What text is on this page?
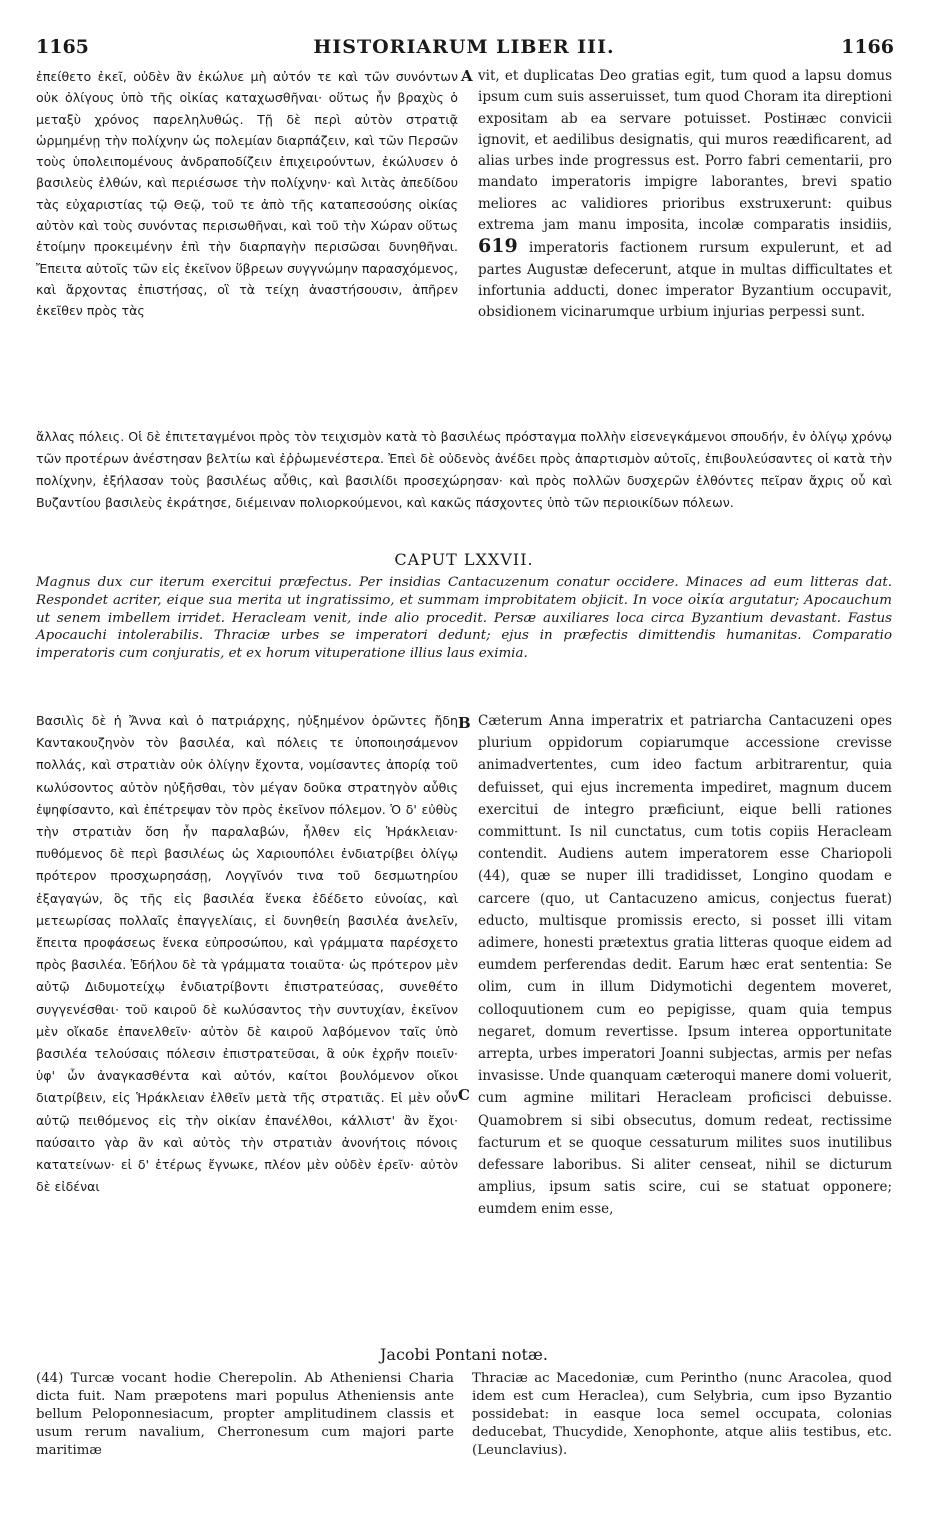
1165	HISTORIARUM LIBER III.	1166
A
ἐπείθετο ἐκεῖ, οὐδὲν ἂν ἐκώλυε μὴ αὐτόν τε καὶ τῶν συνόντων οὐκ ὀλίγους ὑπὸ τῆς οἰκίας καταχωσθῆναι· οὕτως ἦν βραχὺς ὁ μεταξὺ χρόνος παρεληλυθώς. Τῇ δὲ περὶ αὐτὸν στρατιᾷ ὡρμημένῃ τὴν πολίχνην ὡς πολεμίαν διαρπάζειν, καὶ τῶν Περσῶν τοὺς ὑπολειπομένους ἀνδραποδίζειν ἐπιχειρούντων, ἐκώλυσεν ὁ βασιλεὺς ἐλθών, καὶ περιέσωσε τὴν πολίχνην· καὶ λιτὰς ἀπεδίδου τὰς εὐχαριστίας τῷ Θεῷ, τοῦ τε ἀπὸ τῆς καταπεσούσης οἰκίας αὐτὸν καὶ τοὺς συνόντας περισωθῆναι, καὶ τοῦ τὴν Χώραν οὕτως ἑτοίμην προκειμένην ἐπὶ τὴν διαρπαγὴν περισῶσαι δυνηθῆναι. Ἔπειτα αὐτοῖς τῶν εἰς ἐκεῖνον ὕβρεων συγγνώμην παρασχόμενος, καὶ ἄρχοντας ἐπιστήσας, οἳ τὰ τείχη ἀναστήσουσιν, ἀπῆρεν ἐκεῖθεν πρὸς τὰς
vit, et duplicatas Deo gratias egit, tum quod a lapsu domus ipsum cum suis asseruisset, tum quod Choram ita direptioni expositam ab ea servare potuisset. Postiнæc convicii ignovit, et aedilibus designatis, qui muros reædificarent, ad alias urbes inde progressus est. Porro fabri cementarii, pro mandato imperatoris impigre laborantes, brevi spatio meliores ac validiores prioribus exstruxerunt: quibus extrema jam manu imposita, incolæ comparatis insidiis, 619 imperatoris factionem rursum expulerunt, et ad partes Augustæ defecerunt, atque in multas difficultates et infortunia adducti, donec imperator Byzantium occupavit, obsidionem vicinarumque urbium injurias perpessi sunt.
ἄλλας πόλεις. Οἱ δὲ ἐπιτεταγμένοι πρὸς τὸν τειχισμὸν κατὰ τὸ βασιλέως πρόσταγμα πολλὴν εἰσενεγκάμενοι σπουδήν, ἐν ὀλίγῳ χρόνῳ τῶν προτέρων ἀνέστησαν βελτίω καὶ ἐῤῥωμενέστερα. Ἐπεὶ δὲ οὐδενὸς ἀνέδει πρὸς ἀπαρτισμὸν αὐτοῖς, ἐπιβουλεύσαντες οἱ κατὰ τὴν πολίχνην, ἐξήλασαν τοὺς βασιλέως αὖθις, καὶ βασιλίδι προσεχώρησαν· καὶ πρὸς πολλῶν δυσχερῶν ἐλθόντες πεῖραν ἄχρις οὗ καὶ Βυζαντίου βασιλεὺς ἐκράτησε, διέμειναν πολιορκούμενοι, καὶ κακῶς πάσχοντες ὑπὸ τῶν περιοικίδων πόλεων.
CAPUT LXXVII.
Magnus dux cur iterum exercitui præfectus. Per insidias Cantacuzenum conatur occidere. Minaces ad eum litteras dat. Respondet acriter, eique sua merita ut ingratissimo, et summam improbitatem objicit. In voce οἰκία argutatur; Apocauchum ut senem imbellem irridet. Heracleam venit, inde alio procedit. Persæ auxiliares loca circa Byzantium devastant. Fastus Apocauchi intolerabilis. Thraciæ urbes se imperatori dedunt; ejus in præfectis dimittendis humanitas. Comparatio imperatoris cum conjuratis, et ex horum vituperatione illius laus eximia.
B
C
Βασιλὶς δὲ ἡ Ἄννα καὶ ὁ πατριάρχης, ηὐξημένον ὁρῶντες ἤδη Καντακουζηνὸν τὸν βασιλέα, καὶ πόλεις τε ὑποποιησάμενον πολλάς, καὶ στρατιὰν οὐκ ὀλίγην ἔχοντα, νομίσαντες ἀπορίᾳ τοῦ κωλύσοντος αὐτὸν ηὐξῆσθαι, τὸν μέγαν δοῦκα στρατηγὸν αὖθις ἐψηφίσαντο, καὶ ἐπέτρεψαν τὸν πρὸς ἐκεῖνον πόλεμον. Ὁ δ' εὐθὺς τὴν στρατιὰν ὅση ἦν παραλαβών, ἦλθεν εἰς Ἡράκλειαν· πυθόμενος δὲ περὶ βασιλέως ὡς Χαριουπόλει ἐνδιατρίβει ὀλίγῳ πρότερον προσχωρησάσῃ, Λογγῖνόν τινα τοῦ δεσμωτηρίου ἐξαγαγών, ὃς τῆς εἰς βασιλέα ἕνεκα ἐδέδετο εὐνοίας, καὶ μετεωρίσας πολλαῖς ἐπαγγελίαις, εἰ δυνηθείη βασιλέα ἀνελεῖν, ἔπειτα προφάσεως ἕνεκα εὐπροσώπου, καὶ γράμματα παρέσχετο πρὸς βασιλέα. Ἐδήλου δὲ τὰ γράμματα τοιαῦτα· ὡς πρότερον μὲν αὐτῷ Διδυμοτείχῳ ἐνδιατρίβοντι ἐπιστρατεύσας, συνεθέτο συγγενέσθαι· τοῦ καιροῦ δὲ κωλύσαντος τὴν συντυχίαν, ἐκεῖνον μὲν οἴκαδε ἐπανελθεῖν· αὐτὸν δὲ καιροῦ λαβόμενον ταῖς ὑπὸ βασιλέα τελούσαις πόλεσιν ἐπιστρατεῦσαι, ἃ οὐκ ἐχρῆν ποιεῖν· ὑφ' ὧν ἀναγκασθέντα καὶ αὐτόν, καίτοι βουλόμενον οἴκοι διατρίβειν, εἰς Ἡράκλειαν ἐλθεῖν μετὰ τῆς στρατιᾶς. Εἰ μὲν οὖν αὐτῷ πειθόμενος εἰς τὴν οἰκίαν ἐπανέλθοι, κάλλιστ' ἂν ἔχοι· παύσαιτο γὰρ ἂν καὶ αὐτὸς τὴν στρατιὰν ἀνονήτοις πόνοις κατατείνων· εἰ δ' ἑτέρως ἔγνωκε, πλέον μὲν οὐδὲν ἐρεῖν· αὐτὸν δὲ εἰδέναι
Cæterum Anna imperatrix et patriarcha Cantacuzeni opes plurium oppidorum copiarumque accessione crevisse animadvertentes, cum ideo factum arbitrarentur, quia defuisset, qui ejus incrementa impediret, magnum ducem exercitui de integro præficiunt, eique belli rationes committunt. Is nil cunctatus, cum totis copiis Heracleam contendit. Audiens autem imperatorem esse Chariopoli (44), quæ se nuper illi tradidisset, Longino quodam e carcere (quo, ut Cantacuzeno amicus, conjectus fuerat) educto, multisque promissis erecto, si posset illi vitam adimere, honesti prætextus gratia litteras quoque eidem ad eumdem perferendas dedit. Earum hæc erat sententia: Se olim, cum in illum Didymotichi degentem moveret, colloquutionem cum eo pepigisse, quam quia tempus negaret, domum revertisse. Ipsum interea opportunitate arrepta, urbes imperatori Joanni subjectas, armis per nefas invasisse. Unde quanquam cæteroqui manere domi voluerit, cum agmine militari Heracleam proficisci debuisse. Quamobrem si sibi obsecutus, domum redeat, rectissime facturum et se quoque cessaturum milites suos inutilibus defessare laboribus. Si aliter censeat, nihil se dicturum amplius, ipsum satis scire, cui se statuat opponere; eumdem enim esse,
Jacobi Pontani notæ.
(44) Turcæ vocant hodie Cherepolin. Ab Atheniensi Charia dicta fuit. Nam præpotens mari populus Atheniensis ante bellum Peloponnesiacum, propter amplitudinem classis et usum rerum navalium, Cherronesum cum majori parte maritimæ
Thraciæ ac Macedoniæ, cum Perintho (nunc Aracolea, quod idem est cum Heraclea), cum Selybria, cum ipso Byzantio possidebat: in easque loca semel occupata, colonias deducebat, Thucydide, Xenophonte, atque aliis testibus, etc. (Leunclavius).
